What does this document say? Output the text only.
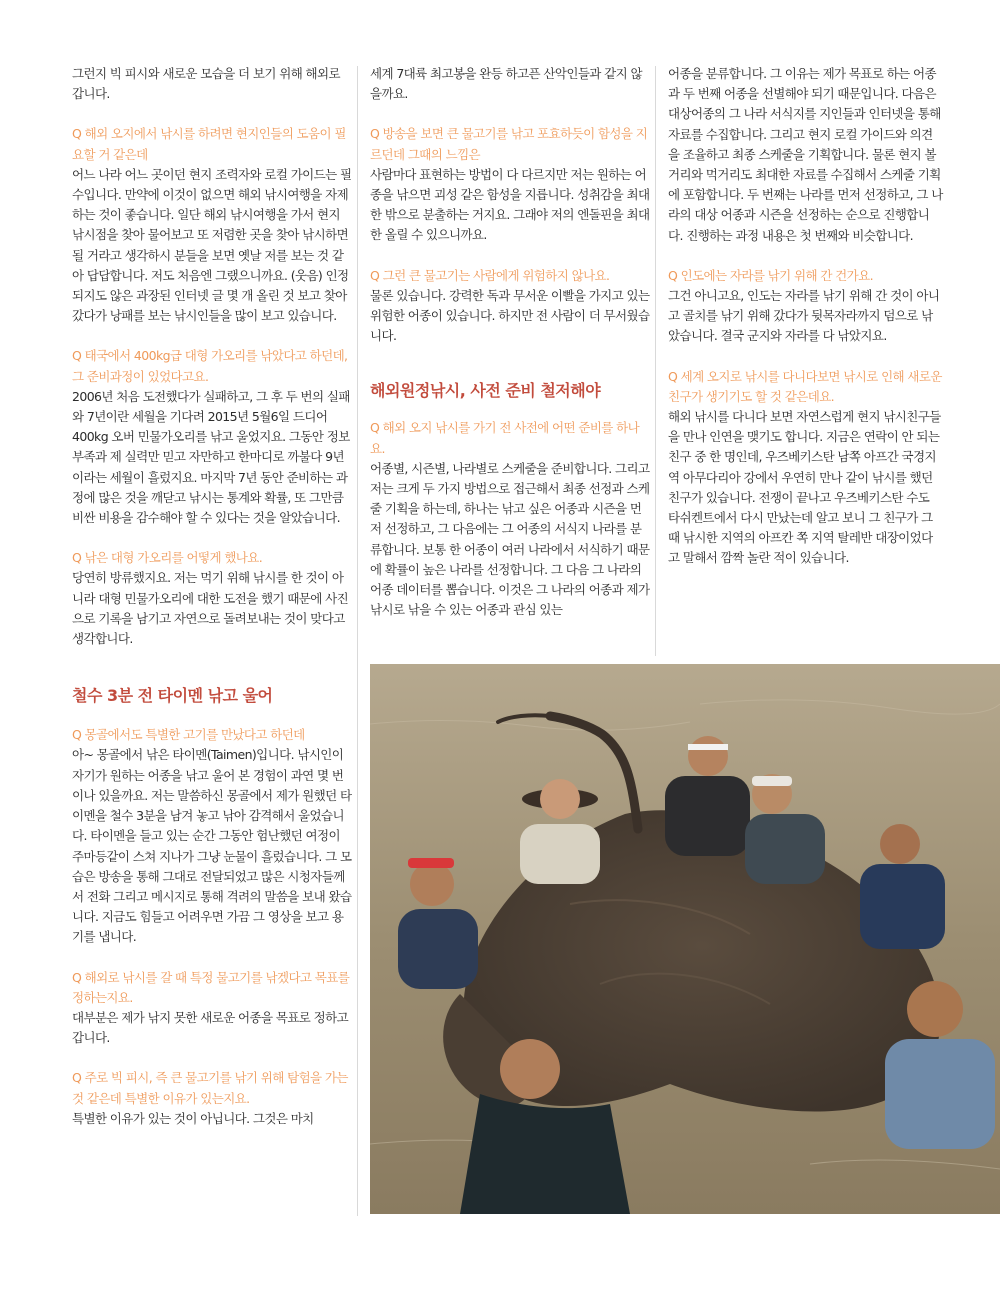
그런지 빅 피시와 새로운 모습을 더 보기 위해 해외로 갑니다.

Q 해외 오지에서 낚시를 하려면 현지인들의 도움이 필요할 거 같은데

어느 나라 어느 곳이던 현지 조력자와 로컬 가이드는 필수입니다. 만약에 이것이 없으면 해외 낚시여행을 자제하는 것이 좋습니다. 일단 해외 낚시여행을 가서 현지 낚시점을 찾아 물어보고 또 저렴한 곳을 찾아 낚시하면 될 거라고 생각하시 분들을 보면 옛날 저를 보는 것 같아 답답합니다. 저도 처음엔 그랬으니까요. (웃음) 인정되지도 않은 과장된 인터넷 글 몇 개 올린 것 보고 찾아 갔다가 낭패를 보는 낚시인들을 많이 보고 있습니다.

Q 태국에서 400kg급 대형 가오리를 낚았다고 하던데, 그 준비과정이 있었다고요.

2006년 처음 도전했다가 실패하고, 그 후 두 번의 실패와 7년이란 세월을 기다려 2015년 5월6일 드디어 400kg 오버 민물가오리를 낚고 울었지요. 그동안 정보 부족과 제 실력만 믿고 자만하고 한마디로 까불다 9년이라는 세월이 흘렀지요. 마지막 7년 동안 준비하는 과정에 많은 것을 깨닫고 낚시는 통계와 확률, 또 그만큼 비싼 비용을 감수해야 할 수 있다는 것을 알았습니다.

Q 낚은 대형 가오리를 어떻게 했나요.

당연히 방류했지요. 저는 먹기 위해 낚시를 한 것이 아니라 대형 민물가오리에 대한 도전을 했기 때문에 사진으로 기록을 남기고 자연으로 돌려보내는 것이 맞다고 생각합니다.

철수 3분 전 타이멘 낚고 울어

Q 몽골에서도 특별한 고기를 만났다고 하던데

아~ 몽골에서 낚은 타이멘(Taimen)입니다. 낚시인이 자기가 원하는 어종을 낚고 울어 본 경험이 과연 몇 번이나 있을까요. 저는 말씀하신 몽골에서 제가 원했던 타이멘을 철수 3분을 남겨 놓고 낚아 감격해서 울었습니다. 타이멘을 들고 있는 순간 그동안 험난했던 여정이 주마등같이 스쳐 지나가 그냥 눈물이 흘렀습니다. 그 모습은 방송을 통해 그대로 전달되었고 많은 시청자들께서 전화 그리고 메시지로 통해 격려의 말씀을 보내 왔습니다. 지금도 힘들고 어려우면 가끔 그 영상을 보고 용기를 냅니다.

Q 해외로 낚시를 갈 때 특정 물고기를 낚겠다고 목표를 정하는지요.

대부분은 제가 낚지 못한 새로운 어종을 목표로 정하고 갑니다.

Q 주로 빅 피시, 즉 큰 물고기를 낚기 위해 탐험을 가는 것 같은데 특별한 이유가 있는지요.

특별한 이유가 있는 것이 아닙니다. 그것은 마치

세계 7대륙 최고봉을 완등 하고픈 산악인들과 같지 않을까요.

Q 방송을 보면 큰 물고기를 낚고 포효하듯이 함성을 지르던데 그때의 느낌은

사람마다 표현하는 방법이 다 다르지만 저는 원하는 어종을 낚으면 괴성 같은 함성을 지릅니다. 성취감을 최대한 밖으로 분출하는 거지요. 그래야 저의 엔돌핀을 최대한 올릴 수 있으니까요.

Q 그런 큰 물고기는 사람에게 위험하지 않나요.

물론 있습니다. 강력한 독과 무서운 이빨을 가지고 있는 위험한 어종이 있습니다. 하지만 전 사람이 더 무서웠습니다.

해외원정낚시, 사전 준비 철저해야

Q 해외 오지 낚시를 가기 전 사전에 어떤 준비를 하나요.

어종별, 시즌별, 나라별로 스케줄을 준비합니다. 그리고 저는 크게 두 가지 방법으로 접근해서 최종 선정과 스케줄 기획을 하는데, 하나는 낚고 싶은 어종과 시즌을 먼저 선정하고, 그 다음에는 그 어종의 서식지 나라를 분류합니다. 보통 한 어종이 여러 나라에서 서식하기 때문에 확률이 높은 나라를 선정합니다. 그 다음 그 나라의 어종 데이터를 뽑습니다. 이것은 그 나라의 어종과 제가 낚시로 낚을 수 있는 어종과 관심 있는

어종을 분류합니다. 그 이유는 제가 목표로 하는 어종과 두 번째 어종을 선별해야 되기 때문입니다. 다음은 대상어종의 그 나라 서식지를 지인들과 인터넷을 통해 자료를 수집합니다. 그리고 현지 로컬 가이드와 의견을 조율하고 최종 스케줄을 기획합니다. 물론 현지 볼거리와 먹거리도 최대한 자료를 수집해서 스케줄 기획에 포함합니다. 두 번째는 나라를 먼저 선정하고, 그 나라의 대상 어종과 시즌을 선정하는 순으로 진행합니다. 진행하는 과정 내용은 첫 번째와 비슷합니다.

Q 인도에는 자라를 낚기 위해 간 건가요.

그건 아니고요, 인도는 자라를 낚기 위해 간 것이 아니고 골치를 낚기 위해 갔다가 뒷목자라까지 덤으로 낚았습니다. 결국 군지와 자라를 다 낚았지요.

Q 세계 오지로 낚시를 다니다보면 낚시로 인해 새로운 친구가 생기기도 할 것 같은데요.

해외 낚시를 다니다 보면 자연스럽게 현지 낚시친구들을 만나 인연을 맺기도 합니다. 지금은 연락이 안 되는 친구 중 한 명인데, 우즈베키스탄 남쪽 아프간 국경지역 아무다리아 강에서 우연히 만나 같이 낚시를 했던 친구가 있습니다. 전쟁이 끝나고 우즈베키스탄 수도 타쉬켄트에서 다시 만났는데 알고 보니 그 친구가 그때 낚시한 지역의 아프칸 쪽 지역 탈레반 대장이었다고 말해서 깜짝 놀란 적이 있습니다.
